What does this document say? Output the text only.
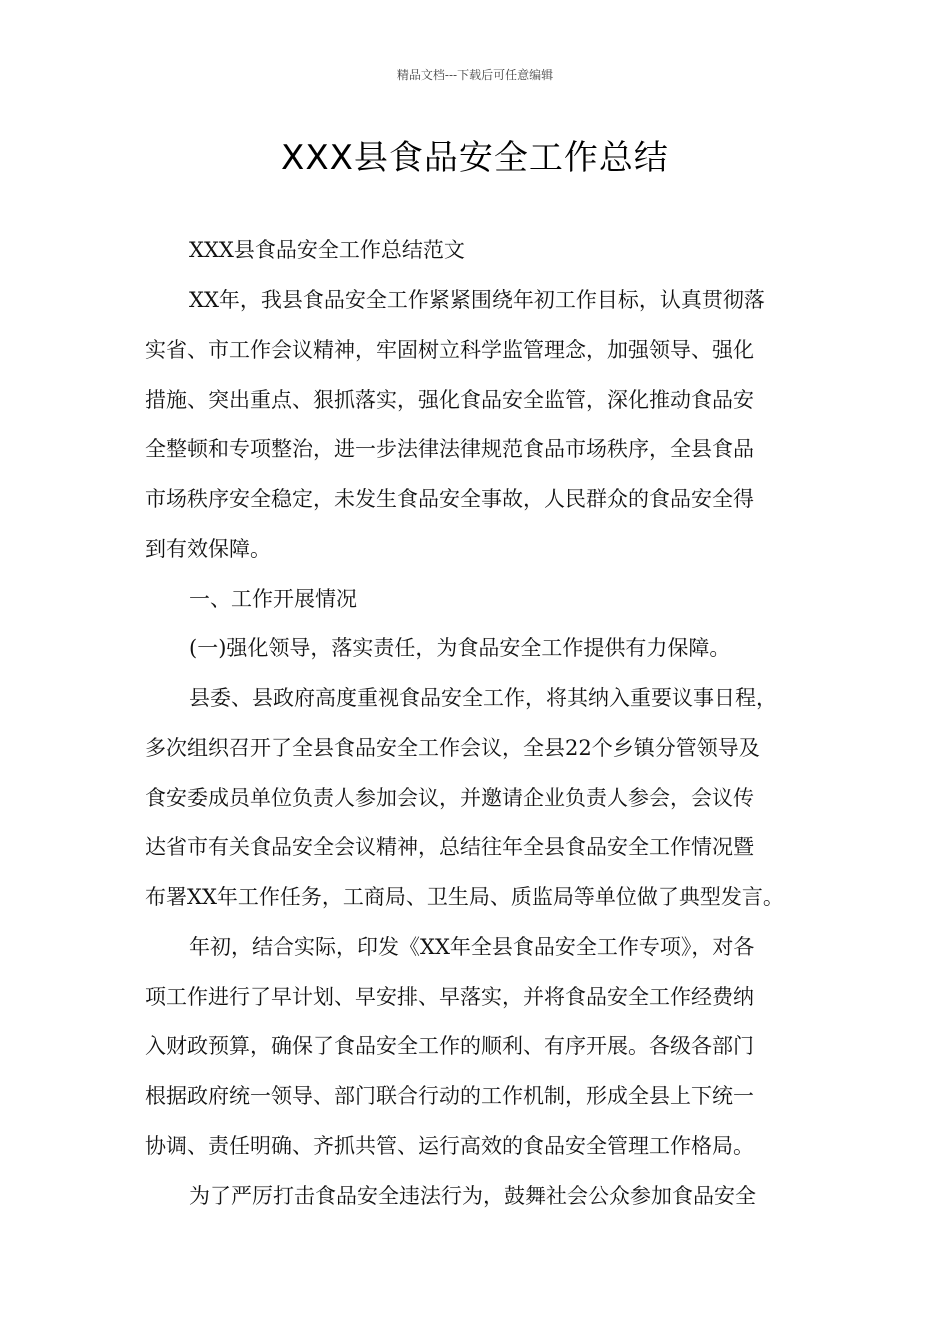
精品文档---下载后可任意编辑
XXX县食品安全工作总结
XXX县食品安全工作总结范文
XX年，我县食品安全工作紧紧围绕年初工作目标，认真贯彻落
实省、市工作会议精神，牢固树立科学监管理念，加强领导、强化
措施、突出重点、狠抓落实，强化食品安全监管，深化推动食品安
全整顿和专项整治，进一步法律法律规范食品市场秩序，全县食品
市场秩序安全稳定，未发生食品安全事故，人民群众的食品安全得
到有效保障。
一、工作开展情况
(一)强化领导，落实责任，为食品安全工作提供有力保障。
县委、县政府高度重视食品安全工作，将其纳入重要议事日程，
多次组织召开了全县食品安全工作会议，全县22个乡镇分管领导及
食安委成员单位负责人参加会议，并邀请企业负责人参会，会议传
达省市有关食品安全会议精神，总结往年全县食品安全工作情况暨
布署XX年工作任务，工商局、卫生局、质监局等单位做了典型发言。
年初，结合实际，印发《XX年全县食品安全工作专项》，对各
项工作进行了早计划、早安排、早落实，并将食品安全工作经费纳
入财政预算，确保了食品安全工作的顺利、有序开展。各级各部门
根据政府统一领导、部门联合行动的工作机制，形成全县上下统一
协调、责任明确、齐抓共管、运行高效的食品安全管理工作格局。
为了严厉打击食品安全违法行为，鼓舞社会公众参加食品安全
